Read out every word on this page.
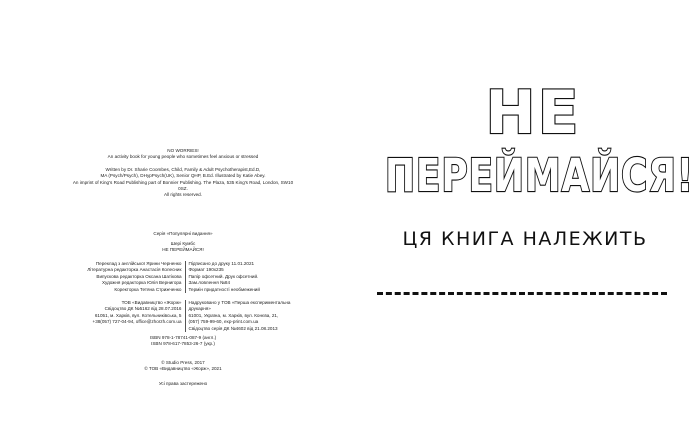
NO WORRIES!
An activity book for young people who sometimes feel anxious or stressed
Written by Dr. Sharie Coombes, Child, Family & Adult Psychotherapist,Ed.D,
MA (Psych/Psych), DHypPsych(UK), Senior QHP, B.Ed. Illustrated by Katie Abey.
An imprint of King's Road Publishing part of Bonnier Publishing. The Plaza, 535 King's Road, London, SW10 0SZ.
All rights reserved.
Серія «Популярні видання»
Шері Кумбс
НЕ ПЕРЕЙМАЙСЯ!
Переклад з англійської Ярини Черненко
Літературна редакторка Анастасія Колесник
Випускова редакторка Оксана Шатікова
Художня редакторка Юлія Вернигора
Коректорка Тетяна Стрижченко
Підписано до друку 11.01.2021
Формат 190х235
Папір офсетний. Друк офсетний.
Зам.ловлення №84
Термін придатності необмежений
ТОВ «Видавництво «Жорж»
Свідоцтво ДК №5162 від 28.07.2016
61051, м. Харків, вул. Котельникiвська, 5
+38(057) 727-04-94, office@zhorzh.com.ua
Надруковано у ТОВ «Перша експериментальна друкарня»
61001, Україна, м. Харків, вул. Конєва, 21,
(057) 759-99-60, exp-print.com.ua
Свідоцтво серія ДК №4602 від 21.08.2013
ISBN 978-1-78741-087-9 (англ.)
ISBN 978-617-7853-26-7 (укр.)
© Studio Press, 2017
© ТОВ «Видавництво «Жорж», 2021
Усі права застережено
НЕ
ПЕРЕЙМАЙСЯ!
ЦЯ КНИГА НАЛЕЖИТЬ
